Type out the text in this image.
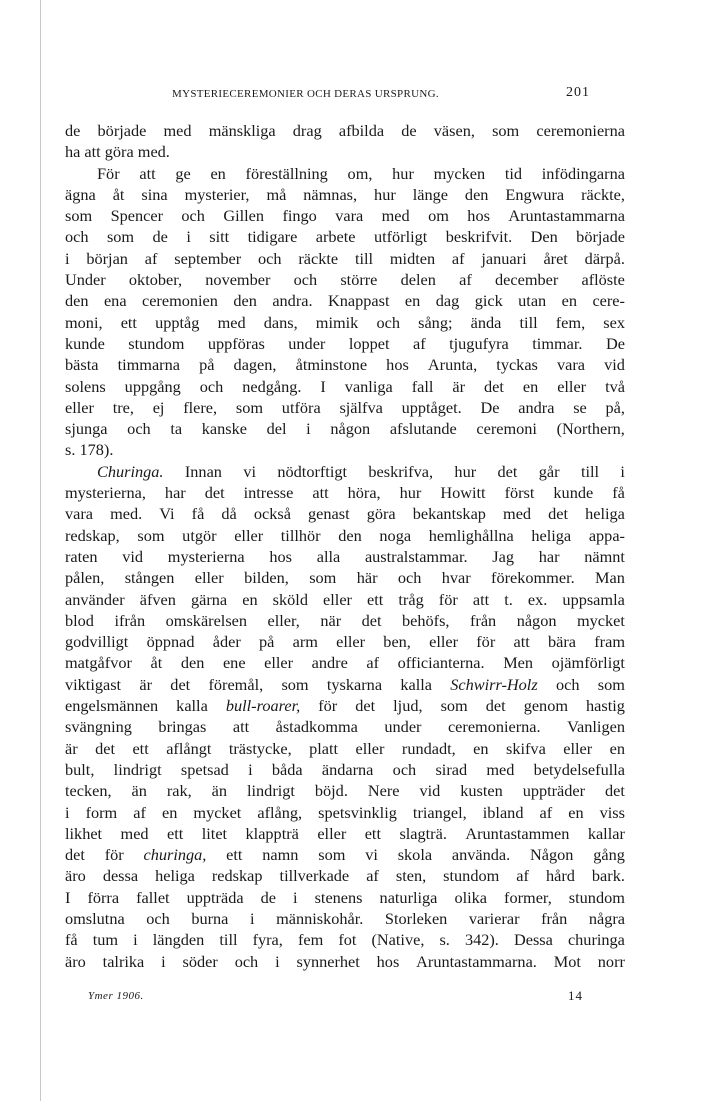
MYSTERIECEREMONIER OCH DERAS URSPRUNG.	201
de började med mänskliga drag afbilda de väsen, som ceremonierna
ha att göra med.
För att ge en föreställning om, hur mycken tid infödingarna
ägna åt sina mysterier, må nämnas, hur länge den Engwura räckte,
som Spencer och Gillen fingo vara med om hos Aruntastammarna
och som de i sitt tidigare arbete utförligt beskrifvit. Den började
i början af september och räckte till midten af januari året därpå.
Under oktober, november och större delen af december aflöste
den ena ceremonien den andra. Knappast en dag gick utan en cere-
moni, ett upptåg med dans, mimik och sång; ända till fem, sex
kunde stundom uppföras under loppet af tjugufyra timmar. De
bästa timmarna på dagen, åtminstone hos Arunta, tyckas vara vid
solens uppgång och nedgång. I vanliga fall är det en eller två
eller tre, ej flere, som utföra själfva upptåget. De andra se på,
sjunga och ta kanske del i någon afslutande ceremoni (Northern,
s. 178).
Churinga. Innan vi nödtorftigt beskrifva, hur det går till i
mysterierna, har det intresse att höra, hur Howitt först kunde få
vara med. Vi få då också genast göra bekantskap med det heliga
redskap, som utgör eller tillhör den noga hemlighållna heliga appa-
raten vid mysterierna hos alla australstammar. Jag har nämnt
pålen, stången eller bilden, som här och hvar förekommer. Man
använder äfven gärna en sköld eller ett tråg för att t. ex. uppsamla
blod ifrån omskärelsen eller, när det behöfs, från någon mycket
godvilligt öppnad åder på arm eller ben, eller för att bära fram
matgåfvor åt den ene eller andre af officianterna. Men ojämförligt
viktigast är det föremål, som tyskarna kalla Schwirr-Holz och som
engelsmännen kalla bull-roarer, för det ljud, som det genom hastig
svängning bringas att åstadkomma under ceremonierna. Vanligen
är det ett aflångt trästycke, platt eller rundadt, en skifva eller en
bult, lindrigt spetsad i båda ändarna och sirad med betydelsefulla
tecken, än rak, än lindrigt böjd. Nere vid kusten uppträder det
i form af en mycket aflång, spetsvinklig triangel, ibland af en viss
likhet med ett litet klappträ eller ett slagträ. Aruntastammen kallar
det för churinga, ett namn som vi skola använda. Någon gång
äro dessa heliga redskap tillverkade af sten, stundom af hård bark.
I förra fallet uppträda de i stenens naturliga olika former, stundom
omslutna och burna i människohår. Storleken varierar från några
få tum i längden till fyra, fem fot (Native, s. 342). Dessa churinga
äro talrika i söder och i synnerhet hos Aruntastammarna. Mot norr
Ymer 1906.	14
